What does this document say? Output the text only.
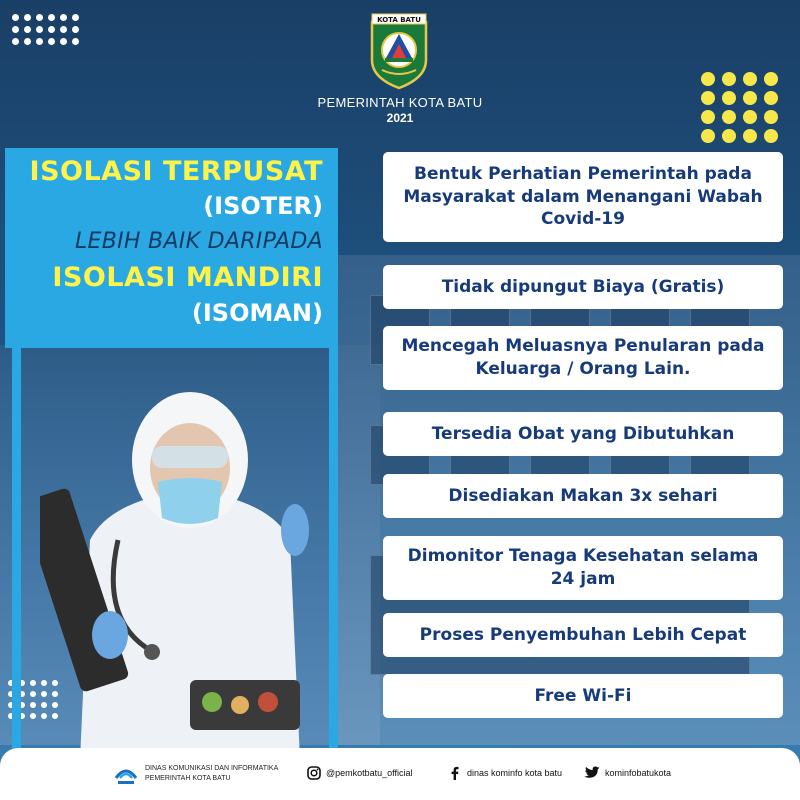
KOTA BATU
PEMERINTAH KOTA BATU
2021
ISOLASI TERPUSAT
(ISOTER)
LEBIH BAIK DARIPADA
ISOLASI MANDIRI
(ISOMAN)
Bentuk Perhatian Pemerintah pada Masyarakat dalam Menangani Wabah Covid-19
Tidak dipungut Biaya (Gratis)
Mencegah Meluasnya Penularan pada Keluarga / Orang Lain.
Tersedia Obat yang Dibutuhkan
Disediakan Makan 3x sehari
Dimonitor Tenaga Kesehatan selama 24 jam
Proses Penyembuhan Lebih Cepat
Free Wi-Fi
DINAS KOMUNIKASI DAN INFORMATIKA
PEMERINTAH KOTA BATU
@pemkotbatu_official	dinas kominfo kota batu	kominfobatukota
